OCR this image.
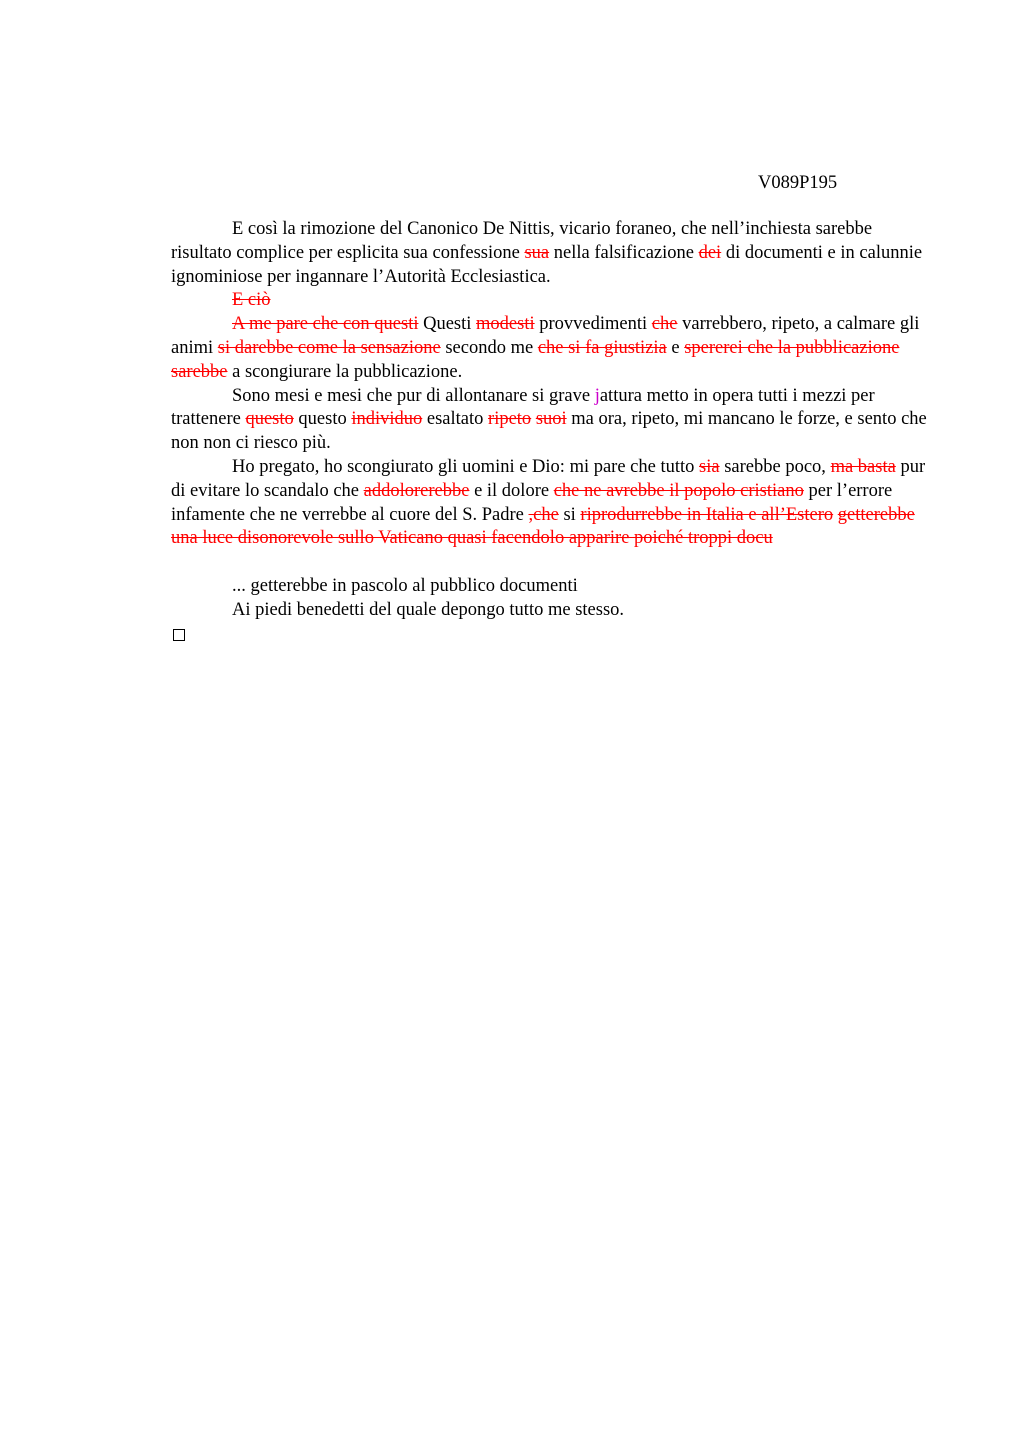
V089P195

E così la rimozione del Canonico De Nittis, vicario foraneo, che nell’inchiesta sarebbe risultato complice per esplicita sua confessione sua nella falsificazione dei di documenti e in calunnie ignominiose per ingannare l’Autorità Ecclesiastica.

E ciò

A me pare che con questi Questi modesti provvedimenti che varrebbero, ripeto, a calmare gli animi si darebbe come la sensazione secondo me che si fa giustizia e spererei che la pubblicazione sarebbe a scongiurare la pubblicazione.

Sono mesi e mesi che pur di allontanare si grave jattura metto in opera tutti i mezzi per trattenere questo questo individuo esaltato ripeto suoi ma ora, ripeto, mi mancano le forze, e sento che non non ci riesco più.

Ho pregato, ho scongiurato gli uomini e Dio: mi pare che tutto sia sarebbe poco, ma basta pur di evitare lo scandalo che addolorerebbe e il dolore che ne avrebbe il popolo cristiano per l’errore infamente che ne verrebbe al cuore del S. Padre ,che si riprodurrebbe in Italia e all’Estero getterebbe una luce disonorevole sullo Vaticano quasi facendolo apparire poiché troppi docu

... getterebbe in pascolo al pubblico documenti

Ai piedi benedetti del quale depongo tutto me stesso.
